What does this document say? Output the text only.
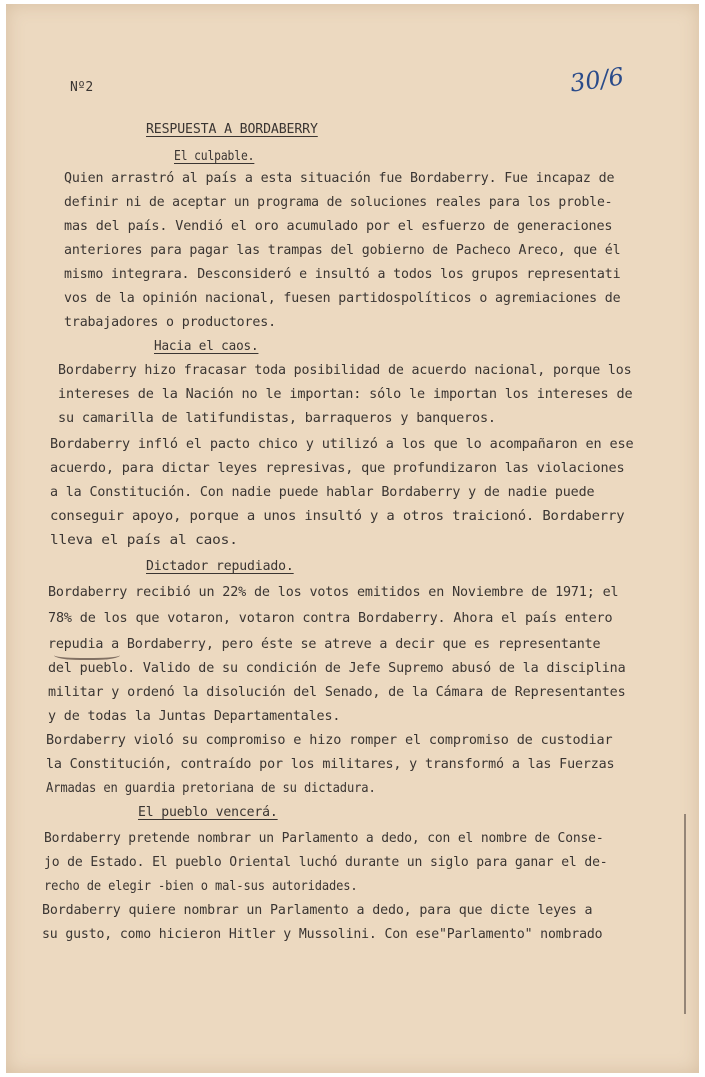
Nº2	30/6
RESPUESTA A BORDABERRY
El culpable.
Quien arrastró al país a esta situación fue Bordaberry. Fue incapaz de
definir ni de aceptar un programa de soluciones reales para los proble-
mas del país. Vendió el oro acumulado por el esfuerzo de generaciones
anteriores para pagar las trampas del gobierno de Pacheco Areco, que él
mismo integrara. Desconsideró e insultó a todos los grupos representati
vos de la opinión nacional, fuesen partidospolíticos o agremiaciones de
trabajadores o productores.
Hacia el caos.
Bordaberry hizo fracasar toda posibilidad de acuerdo nacional, porque los
intereses de la Nación no le importan: sólo le importan los intereses de
su camarilla de latifundistas, barraqueros y banqueros.
Bordaberry infló el pacto chico y utilizó a los que lo acompañaron en ese
acuerdo, para dictar leyes represivas, que profundizaron las violaciones
a la Constitución. Con nadie puede hablar Bordaberry y de nadie puede
conseguir apoyo, porque a unos insultó y a otros traicionó. Bordaberry
lleva el país al caos.
Dictador repudiado.
Bordaberry recibió un 22% de los votos emitidos en Noviembre de 1971; el
78% de los que votaron, votaron contra Bordaberry. Ahora el país entero
repudia a Bordaberry, pero éste se atreve a decir que es representante
del pueblo. Valido de su condición de Jefe Supremo abusó de la disciplina
militar y ordenó la disolución del Senado, de la Cámara de Representantes
y de todas la Juntas Departamentales.
Bordaberry violó su compromiso e hizo romper el compromiso de custodiar
la Constitución, contraído por los militares, y transformó a las Fuerzas
Armadas en guardia pretoriana de su dictadura.
El pueblo vencerá.
Bordaberry pretende nombrar un Parlamento a dedo, con el nombre de Conse-
jo de Estado. El pueblo Oriental luchó durante un siglo para ganar el de-
recho de elegir -bien o mal-sus autoridades.
Bordaberry quiere nombrar un Parlamento a dedo, para que dicte leyes a
su gusto, como hicieron Hitler y Mussolini. Con ese"Parlamento" nombrado
